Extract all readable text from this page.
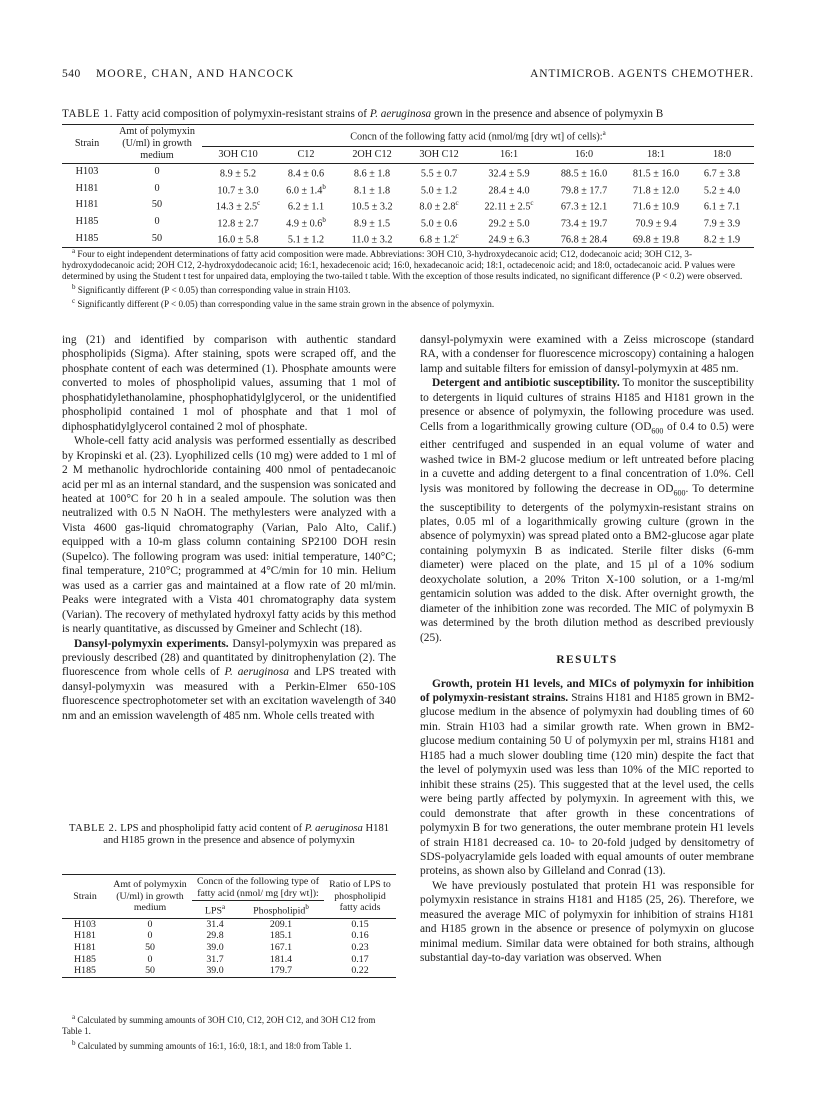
540 MOORE, CHAN, AND HANCOCK	ANTIMICROB. AGENTS CHEMOTHER.
TABLE 1. Fatty acid composition of polymyxin-resistant strains of P. aeruginosa grown in the presence and absence of polymyxin B
Strain	Amt of polymyxin (U/ml) in growth medium	Concn of the following fatty acid (nmol/mg [dry wt] of cells):$^a$
		3OH C10	C12	2OH C12	3OH C12	16:1	16:0	18:1	18:0
H103	0	8.9 ± 5.2	8.4 ± 0.6	8.6 ± 1.8	5.5 ± 0.7	32.4 ± 5.9	88.5 ± 16.0	81.5 ± 16.0	6.7 ± 3.8
H181	0	10.7 ± 3.0	6.0 ± 1.4$^b$	8.1 ± 1.8	5.0 ± 1.2	28.4 ± 4.0	79.8 ± 17.7	71.8 ± 12.0	5.2 ± 4.0
H181	50	14.3 ± 2.5$^c$	6.2 ± 1.1	10.5 ± 3.2	8.0 ± 2.8$^c$	22.11 ± 2.5$^c$	67.3 ± 12.1	71.6 ± 10.9	6.1 ± 7.1
H185	0	12.8 ± 2.7	4.9 ± 0.6$^b$	8.9 ± 1.5	5.0 ± 0.6	29.2 ± 5.0	73.4 ± 19.7	70.9 ± 9.4	7.9 ± 3.9
H185	50	16.0 ± 5.8	5.1 ± 1.2	11.0 ± 3.2	6.8 ± 1.2$^c$	24.9 ± 6.3	76.8 ± 28.4	69.8 ± 19.8	8.2 ± 1.9

$^a$ Four to eight independent determinations of fatty acid composition were made. Abbreviations: 3OH C10, 3-hydroxydecanoic acid; C12, dodecanoic acid; 3OH C12, 3-hydroxydodecanoic acid; 2OH C12, 2-hydroxydodecanoic acid; 16:1, hexadecenoic acid; 16:0, hexadecanoic acid; 18:1, octadecenoic acid; and 18:0, octadecanoic acid. P values were determined by using the Student t test for unpaired data, employing the two-tailed t table. With the exception of those results indicated, no significant difference (P < 0.2) were observed.

$^b$ Significantly different (P < 0.05) than corresponding value in strain H103.

$^c$ Significantly different (P < 0.05) than corresponding value in the same strain grown in the absence of polymyxin.

ing (21) and identified by comparison with authentic standard phospholipids (Sigma). After staining, spots were scraped off, and the phosphate content of each was determined (1). Phosphate amounts were converted to moles of phospholipid values, assuming that 1 mol of phosphatidylethanolamine, phosphophatidylglycerol, or the unidentified phospholipid contained 1 mol of phosphate and that 1 mol of diphosphatidylglycerol contained 2 mol of phosphate.

Whole-cell fatty acid analysis was performed essentially as described by Kropinski et al. (23). Lyophilized cells (10 mg) were added to 1 ml of 2 M methanolic hydrochloride containing 400 nmol of pentadecanoic acid per ml as an internal standard, and the suspension was sonicated and heated at 100°C for 20 h in a sealed ampoule. The solution was then neutralized with 0.5 N NaOH. The methylesters were analyzed with a Vista 4600 gas-liquid chromatography (Varian, Palo Alto, Calif.) equipped with a 10-m glass column containing SP2100 DOH resin (Supelco). The following program was used: initial temperature, 140°C; final temperature, 210°C; programmed at 4°C/min for 10 min. Helium was used as a carrier gas and maintained at a flow rate of 20 ml/min. Peaks were integrated with a Vista 401 chromatography data system (Varian). The recovery of methylated hydroxyl fatty acids by this method is nearly quantitative, as discussed by Gmeiner and Schlecht (18).

Dansyl-polymyxin experiments. Dansyl-polymyxin was prepared as previously described (28) and quantitated by dinitrophenylation (2). The fluorescence from whole cells of P. aeruginosa and LPS treated with dansyl-polymyxin was measured with a Perkin-Elmer 650-10S fluorescence spectrophotometer set with an excitation wavelength of 340 nm and an emission wavelength of 485 nm. Whole cells treated with

TABLE 2. LPS and phospholipid fatty acid content of P. aeruginosa H181 and H185 grown in the presence and absence of polymyxin
Strain	Amt of polymyxin (U/ml) in growth medium	Concn of the following type of fatty acid (nmol/ mg [dry wt]):		Ratio of LPS to phospholipid fatty acids
		LPS$^a$	Phospholipid$^b$
H103	0	31.4	209.1	0.15
H181	0	29.8	185.1	0.16
H181	50	39.0	167.1	0.23
H185	0	31.7	181.4	0.17
H185	50	39.0	179.7	0.22

$^a$ Calculated by summing amounts of 3OH C10, C12, 2OH C12, and 3OH C12 from Table 1.

$^b$ Calculated by summing amounts of 16:1, 16:0, 18:1, and 18:0 from Table 1.

dansyl-polymyxin were examined with a Zeiss microscope (standard RA, with a condenser for fluorescence microscopy) containing a halogen lamp and suitable filters for emission of dansyl-polymyxin at 485 nm.

Detergent and antibiotic susceptibility. To monitor the susceptibility to detergents in liquid cultures of strains H185 and H181 grown in the presence or absence of polymyxin, the following procedure was used. Cells from a logarithmically growing culture ($OD_{600}$ of 0.4 to 0.5) were either centrifuged and suspended in an equal volume of water and washed twice in BM-2 glucose medium or left untreated before placing in a cuvette and adding detergent to a final concentration of 1.0%. Cell lysis was monitored by following the decrease in $OD_{600}$. To determine the susceptibility to detergents of the polymyxin-resistant strains on plates, 0.05 ml of a logarithmically growing culture (grown in the absence of polymyxin) was spread plated onto a BM2-glucose agar plate containing polymyxin B as indicated. Sterile filter disks (6-mm diameter) were placed on the plate, and 15 µl of a 10% sodium deoxycholate solution, a 20% Triton X-100 solution, or a 1-mg/ml gentamicin solution was added to the disk. After overnight growth, the diameter of the inhibition zone was recorded. The MIC of polymyxin B was determined by the broth dilution method as described previously (25).

RESULTS

Growth, protein H1 levels, and MICs of polymyxin for inhibition of polymyxin-resistant strains. Strains H181 and H185 grown in BM2-glucose medium in the absence of polymyxin had doubling times of 60 min. Strain H103 had a similar growth rate. When grown in BM2-glucose medium containing 50 U of polymyxin per ml, strains H181 and H185 had a much slower doubling time (120 min) despite the fact that the level of polymyxin used was less than 10% of the MIC reported to inhibit these strains (25). This suggested that at the level used, the cells were being partly affected by polymyxin. In agreement with this, we could demonstrate that after growth in these concentrations of polymyxin B for two generations, the outer membrane protein H1 levels of strain H181 decreased ca. 10- to 20-fold judged by densitometry of SDS-polyacrylamide gels loaded with equal amounts of outer membrane proteins, as shown also by Gilleland and Conrad (13).

We have previously postulated that protein H1 was responsible for polymyxin resistance in strains H181 and H185 (25, 26). Therefore, we measured the average MIC of polymyxin for inhibition of strains H181 and H185 grown in the absence or presence of polymyxin on glucose minimal medium. Similar data were obtained for both strains, although substantial day-to-day variation was observed. When
